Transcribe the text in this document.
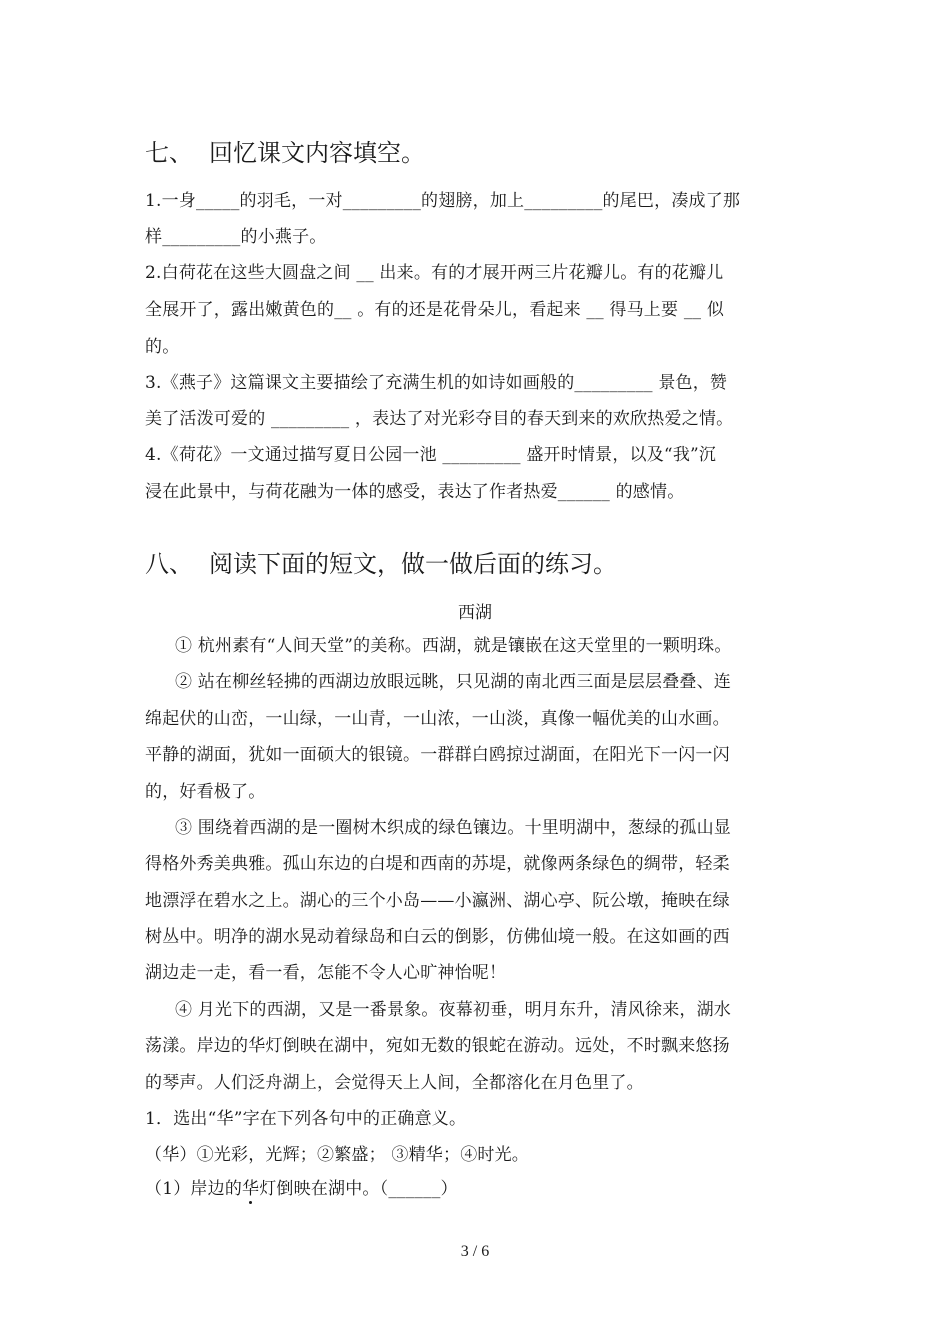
七、 回忆课文内容填空。
1.一身_____的羽毛，一对_________的翅膀，加上_________的尾巴，凑成了那
样_________的小燕子。
2.白荷花在这些大圆盘之间 __ 出来。有的才展开两三片花瓣儿。有的花瓣儿
全展开了，露出嫩黄色的__ 。有的还是花骨朵儿，看起来 __ 得马上要 __ 似
的。
3.《燕子》这篇课文主要描绘了充满生机的如诗如画般的_________ 景色，赞
美了活泼可爱的 _________ ，表达了对光彩夺目的春天到来的欢欣热爱之情。
4.《荷花》一文通过描写夏日公园一池 _________ 盛开时情景，以及“我”沉
浸在此景中，与荷花融为一体的感受，表达了作者热爱______ 的感情。
八、 阅读下面的短文，做一做后面的练习。
西湖
① 杭州素有“人间天堂”的美称。西湖，就是镶嵌在这天堂里的一颗明珠。
② 站在柳丝轻拂的西湖边放眼远眺，只见湖的南北西三面是层层叠叠、连
绵起伏的山峦，一山绿，一山青，一山浓，一山淡，真像一幅优美的山水画。
平静的湖面，犹如一面硕大的银镜。一群群白鸥掠过湖面，在阳光下一闪一闪
的，好看极了。
③ 围绕着西湖的是一圈树木织成的绿色镶边。十里明湖中，葱绿的孤山显
得格外秀美典雅。孤山东边的白堤和西南的苏堤，就像两条绿色的绸带，轻柔
地漂浮在碧水之上。湖心的三个小岛——小瀛洲、湖心亭、阮公墩，掩映在绿
树丛中。明净的湖水晃动着绿岛和白云的倒影，仿佛仙境一般。在这如画的西
湖边走一走，看一看，怎能不令人心旷神怡呢！
④ 月光下的西湖，又是一番景象。夜幕初垂，明月东升，清风徐来，湖水
荡漾。岸边的华灯倒映在湖中，宛如无数的银蛇在游动。远处，不时飘来悠扬
的琴声。人们泛舟湖上，会觉得天上人间，全都溶化在月色里了。
1．选出“华”字在下列各句中的正确意义。
（华）①光彩，光辉；②繁盛； ③精华；④时光。
（1）岸边的华灯倒映在湖中。（______）
3 / 6
